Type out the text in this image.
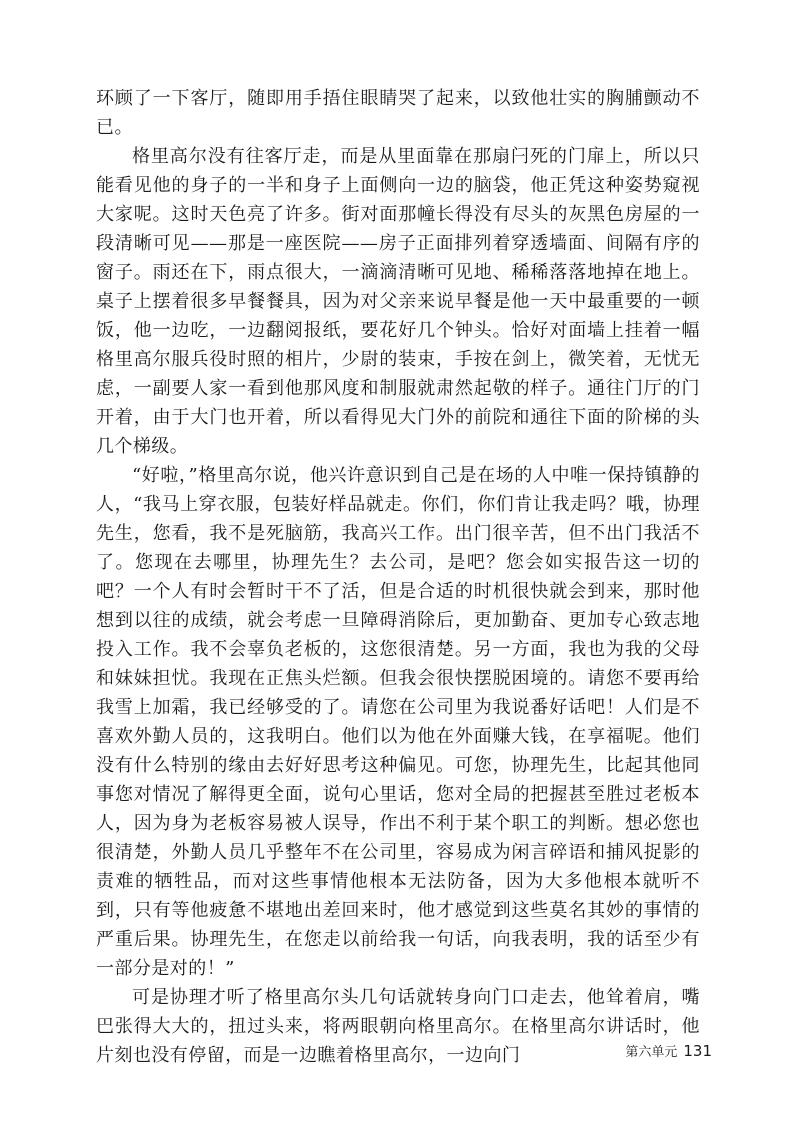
环顾了一下客厅，随即用手捂住眼睛哭了起来，以致他壮实的胸脯颤动不已。

格里高尔没有往客厅走，而是从里面靠在那扇闩死的门扉上，所以只能看见他的身子的一半和身子上面侧向一边的脑袋，他正凭这种姿势窥视大家呢。这时天色亮了许多。街对面那幢长得没有尽头的灰黑色房屋的一段清晰可见——那是一座医院——房子正面排列着穿透墙面、间隔有序的窗子。雨还在下，雨点很大，一滴滴清晰可见地、稀稀落落地掉在地上。桌子上摆着很多早餐餐具，因为对父亲来说早餐是他一天中最重要的一顿饭，他一边吃，一边翻阅报纸，要花好几个钟头。恰好对面墙上挂着一幅格里高尔服兵役时照的相片，少尉的装束，手按在剑上，微笑着，无忧无虑，一副要人家一看到他那风度和制服就肃然起敬的样子。通往门厅的门开着，由于大门也开着，所以看得见大门外的前院和通往下面的阶梯的头几个梯级。

“好啦，”格里高尔说，他兴许意识到自己是在场的人中唯一保持镇静的人，“我马上穿衣服，包装好样品就走。你们，你们肯让我走吗？哦，协理先生，您看，我不是死脑筋，我高兴工作。出门很辛苦，但不出门我活不了。您现在去哪里，协理先生？去公司，是吧？您会如实报告这一切的吧？一个人有时会暂时干不了活，但是合适的时机很快就会到来，那时他想到以往的成绩，就会考虑一旦障碍消除后，更加勤奋、更加专心致志地投入工作。我不会辜负老板的，这您很清楚。另一方面，我也为我的父母和妹妹担忧。我现在正焦头烂额。但我会很快摆脱困境的。请您不要再给我雪上加霜，我已经够受的了。请您在公司里为我说番好话吧！人们是不喜欢外勤人员的，这我明白。他们以为他在外面赚大钱，在享福呢。他们没有什么特别的缘由去好好思考这种偏见。可您，协理先生，比起其他同事您对情况了解得更全面，说句心里话，您对全局的把握甚至胜过老板本人，因为身为老板容易被人误导，作出不利于某个职工的判断。想必您也很清楚，外勤人员几乎整年不在公司里，容易成为闲言碎语和捕风捉影的责难的牺牲品，而对这些事情他根本无法防备，因为大多他根本就听不到，只有等他疲惫不堪地出差回来时，他才感觉到这些莫名其妙的事情的严重后果。协理先生，在您走以前给我一句话，向我表明，我的话至少有一部分是对的！”

可是协理才听了格里高尔头几句话就转身向门口走去，他耸着肩，嘴巴张得大大的，扭过头来，将两眼朝向格里高尔。在格里高尔讲话时，他片刻也没有停留，而是一边瞧着格里高尔，一边向门	第六单元 131
